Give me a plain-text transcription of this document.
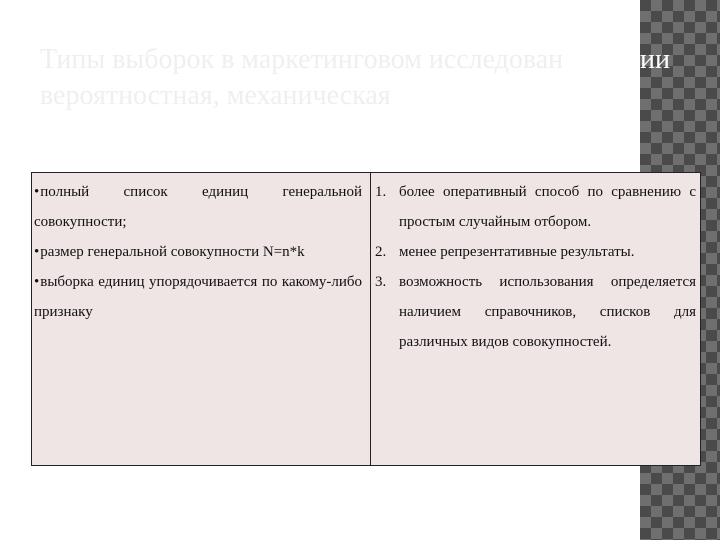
Типы выборок в маркетинговом исследован
вероятностная, механическая
ии
•полный список единиц генеральной совокупности;
•размер генеральной совокупности N=n*k
•выборка единиц упорядочивается по какому-либо признаку
1. более оперативный способ по сравнению с простым случайным отбором.
2. менее репрезентативные результаты.
3. возможность использования определяется наличием справочников, списков для различных видов совокупностей.
